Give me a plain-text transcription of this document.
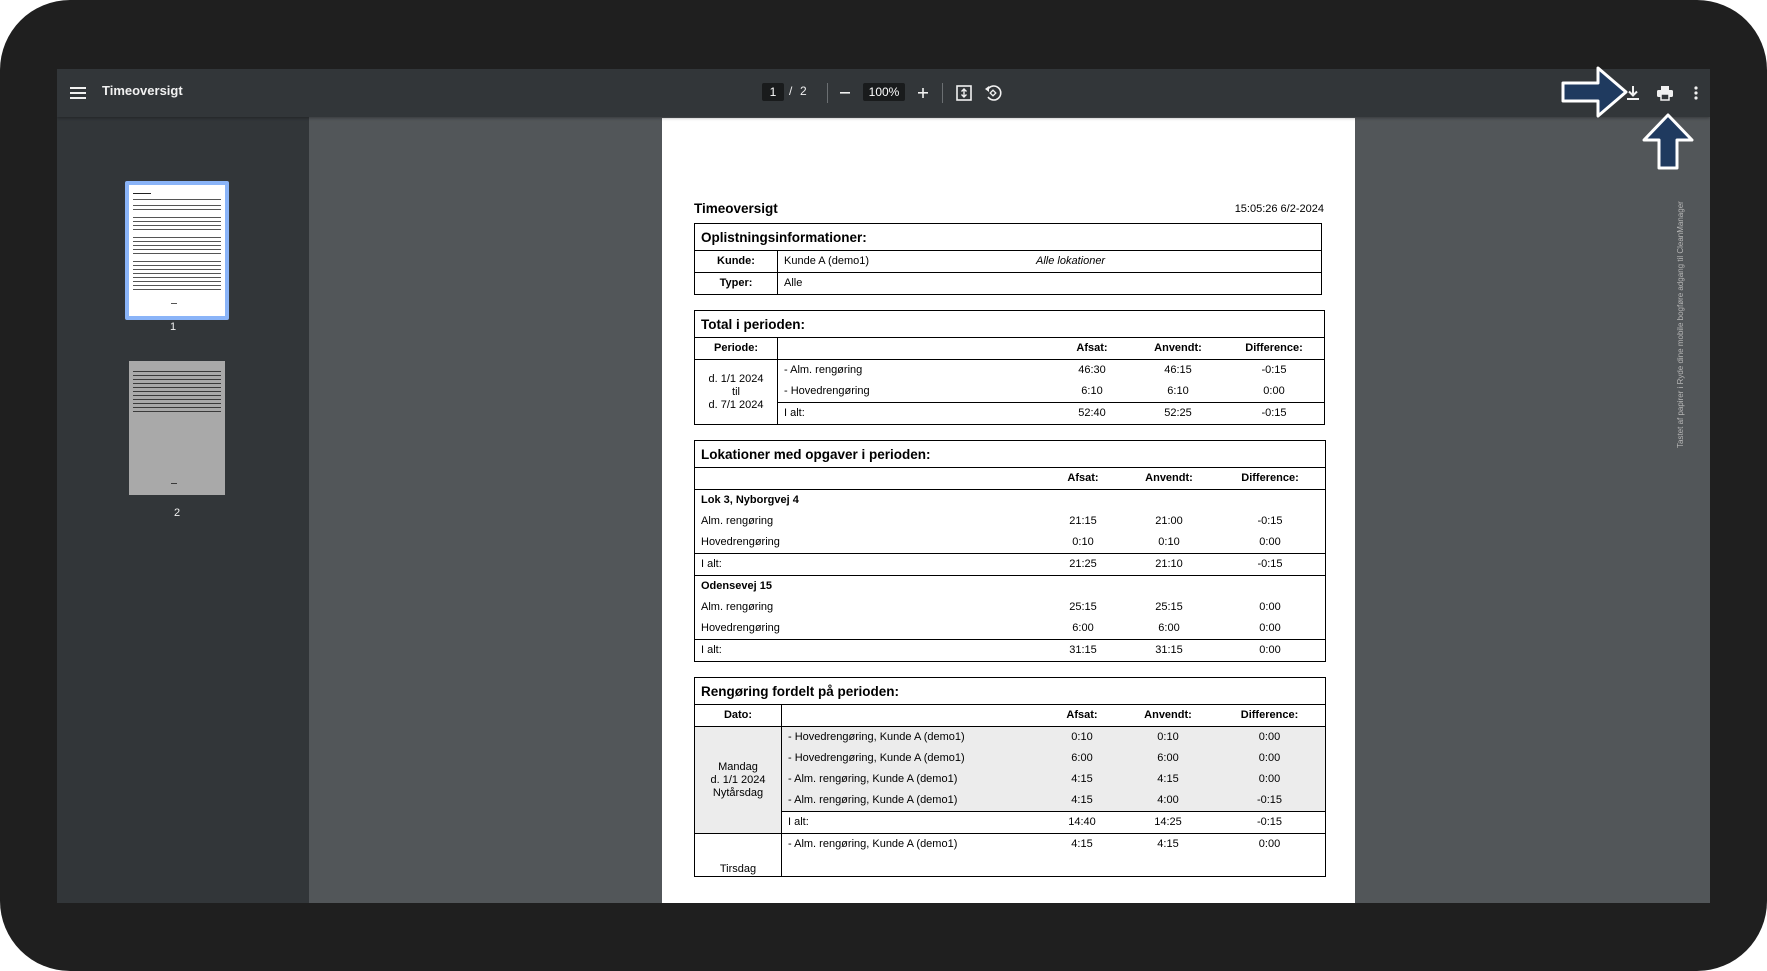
Timeoversigt	1	/ 2	100%
1
2
Timeoversigt	15:05:26 6/2-2024
Oplistningsinformationer:		
Kunde:	Kunde A (demo1)	Alle lokationer
Typer:	Alle	
Total i perioden:				
Periode:		Afsat:	Anvendt:	Difference:
d. 1/1 2024
til
d. 7/1 2024	- Alm. rengøring	46:30	46:15	-0:15
	- Hovedrengøring	6:10	6:10	0:00
	I alt:	52:40	52:25	-0:15
Lokationer med opgaver i perioden:			
	Afsat:	Anvendt:	Difference:
Lok 3, Nyborgvej 4			
Alm. rengøring	21:15	21:00	-0:15
Hovedrengøring	0:10	0:10	0:00
I alt:	21:25	21:10	-0:15
Odensevej 15			
Alm. rengøring	25:15	25:15	0:00
Hovedrengøring	6:00	6:00	0:00
I alt:	31:15	31:15	0:00
Rengøring fordelt på perioden:				
Dato:		Afsat:	Anvendt:	Difference:
Mandag
d. 1/1 2024
Nytårsdag	- Hovedrengøring, Kunde A (demo1)	0:10	0:10	0:00
	- Hovedrengøring, Kunde A (demo1)	6:00	6:00	0:00
	- Alm. rengøring, Kunde A (demo1)	4:15	4:15	0:00
	- Alm. rengøring, Kunde A (demo1)	4:15	4:00	-0:15
	I alt:	14:40	14:25	-0:15
Tirsdag	- Alm. rengøring, Kunde A (demo1)	4:15	4:15	0:00

Tastet af papirer i Ryde dine mobile bogføre adgang til CleanManager
